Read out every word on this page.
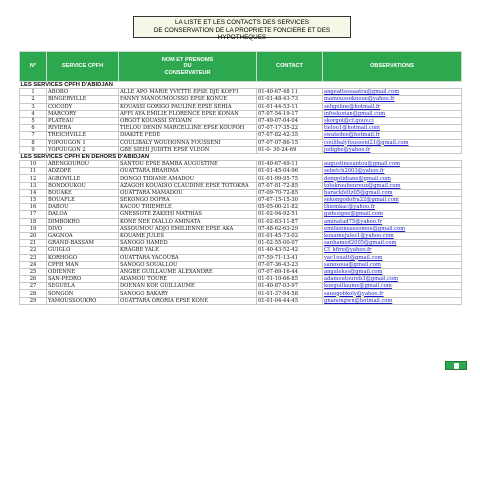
LA LISTE ET LES CONTACTS DES SERVICES
DE CONSERVATION DE LA PROPRIETE FONCIERE ET DES HYPOTHEQUES
N°	SERVICE CPFH	NOM ET PRENOMS
DU
CONSERVATEUR	CONTACT	OBSERVATIONS
LES SERVICES CPFH D'ABIDJAN				
1	ABOBO	ALLE APO MARIE YVETTE EPSE DJE KOFFI	01-40-67-48 11	angeatteseaatra@gmail.com
2	BINGERVILLE	FANNY MANOUMOUSSO EPSE KONUE	01-01-48-43-73	mamoussoknoue@yahoo.fr
3	COCODY	KOUASSI GORIGO PAULINE EPSE SEHIA	01-01-44-53-11	sehgoline@hotmail.fr
4	MARCORY	AFFI AYA EMILIE FLORENCE EPSE KONAN	07-07-54-19-17	infoskonan@gmail.com
5	PLATEAU	ORGOT KOUASSI SYLVAIN	07-49-07-04-04	skorgot@cf.gouv.ci
6	RIVIERA	TIELOU DENIN MARCELLINE EPSE KOUPOH	07-07-17-35-22	tielou1@hotmail.com
7	TREICHVILLE	DIAKITE FEDE	07-07-82-42-35	swatedee@hotmail.fr
8	YOPOUGON 1	COULIBALY WOUHONNA FOUSSENI	07-07-07-86-15	coulibalyfousseni21@gmail.com
9	YOPOUGON 2	GBE SIEHI JUDITH EPSE VLEON	01-0- 30-24-69	judigbe@yahoo.fr
LES SERVICES CPFH EN DEHORS D'ABIDJAN				
10	ABENGOUROU	SANTOU EPSE BAMBA AUGUSTINE	01-40-67-49-11	augustinesantou@gmail.com
11	ADZOPE	OUATTARA BRAHIMA	01-01-45-04-96	sebetch2003@yahoo.fr
12	AGBOVILLE	DONGO TIDIANE AMADOU	01-01-99-95-75	dongotidiane@gmail.com
13	BONDOUKOU	AZAGOH KOUADIO CLAUDINE EPSE TOTOKRA	07-07-81-72-85	totokrauheureux@gmail.com
14	BOUAKE	OUATTARA MAMADOU	07-09-70-72-85	barackfeltz05@gmail.com
15	BOUAFLE	SEKONGO DOFRA	07-67-15-15-30	sekongodofra22@gmail.com
16	DABOU	KACOU THIEMELE	05-05-00-21-82	thiemkac@yahoo.fr
17	DALOA	GNESSOTE ZAKEHI MATHIAS	01-02-94-92-51	gzdesigne@gmail.com
18	DIMBOKRO	KONE NEE DIALLO AMINATA	01-02-83-11-87	aminatad75@yahoo.fr
19	DIVO	ASSOUMOU ADJO EMILIENNE EPSE AKA	07-48-62-63-29	emilienneassomou@gmail.com
20	GAGNOA	KOUAME JULES	01-01-45-73-02	kouamejules1@yahoo.com
21	GRAND-BASSAM	SANOGO HAMED	01-02-55-00-07	sanhamed2005@gmail.com
22	GUIGLO	KRAGBE YALE	01-40-43-52-42	CI_kfire@yahoo.fr
23	KORHOGO	OUATTARA YACOUBA	07-59-71-13-41	yac1ouatt@gmail.com
24	CPFH MAN	SANOGO SOUALLOU	07-07-36-43-23	sanosoua@gmail.com
25	ODIENNE	ANGBE GUILLAUME ALEXANDRE	07-07-69-16-44	angalekss@gmail.com
26	SAN-PEDRO	ADAMOU TOURE	01-01-10-66-85	adamoutoureb3@gmail.com
27	SEGUELA	DOENAN KOE GUILLAUME	01-40-87-03-97	koeguillaume@gmail.com
28	SONGON	SANOGO BAKARY	01-01-37-94-58	sanogobkoly@yahoo.fr
29	YAMOUSSOUKRO	OUATTARA ORORIA EPSE KONE	01-01-04-44-45	gnanongwn@hotmail.com
